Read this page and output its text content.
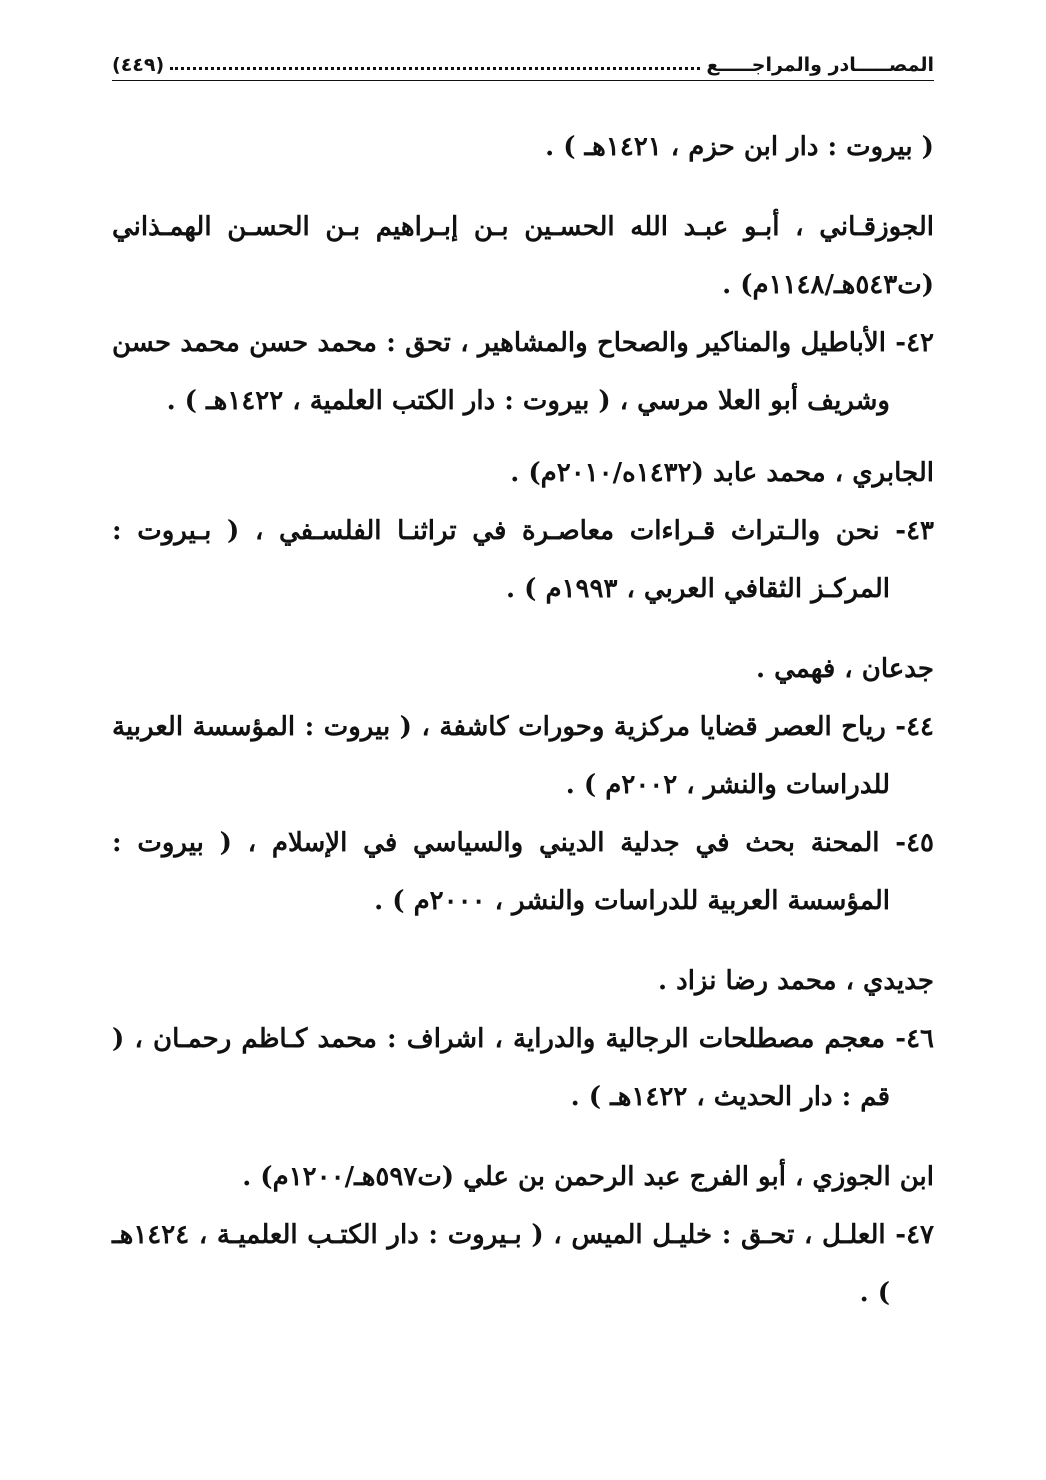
المصـــــادر والمراجـــــع
(٤٤٩)
( بيروت : دار ابن حزم ، ١٤٢١هـ ) .
الجوزقـاني ، أبـو عبـد الله الحسـين بـن إبـراهيم بـن الحسـن الهمـذاني (ت٥٤٣هـ/١١٤٨م) .
٤٢- الأباطيل والمناكير والصحاح والمشاهير ، تحق : محمد حسن محمد حسن وشريف أبو العلا مرسي ، ( بيروت : دار الكتب العلمية ، ١٤٢٢هـ ) .
الجابري ، محمد عابد (١٤٣٢ه/٢٠١٠م) .
٤٣- نحن والـتراث قـراءات معاصـرة في تراثنـا الفلسـفي ، ( بـيروت : المركـز الثقافي العربي ، ١٩٩٣م ) .
جدعان ، فهمي .
٤٤- رياح العصر قضايا مركزية وحورات كاشفة ، ( بيروت : المؤسسة العربية للدراسات والنشر ، ٢٠٠٢م ) .
٤٥- المحنة بحث في جدلية الديني والسياسي في الإسلام ، ( بيروت : المؤسسة العربية للدراسات والنشر ، ٢٠٠٠م ) .
جديدي ، محمد رضا نزاد .
٤٦- معجم مصطلحات الرجالية والدراية ، اشراف : محمد كـاظم رحمـان ، ( قم : دار الحديث ، ١٤٢٢هـ ) .
ابن الجوزي ، أبو الفرج عبد الرحمن بن علي (ت٥٩٧هـ/١٢٠٠م) .
٤٧- العلـل ، تحـق : خليـل الميس ، ( بـيروت : دار الكتـب العلميـة ، ١٤٢٤هـ ) .
